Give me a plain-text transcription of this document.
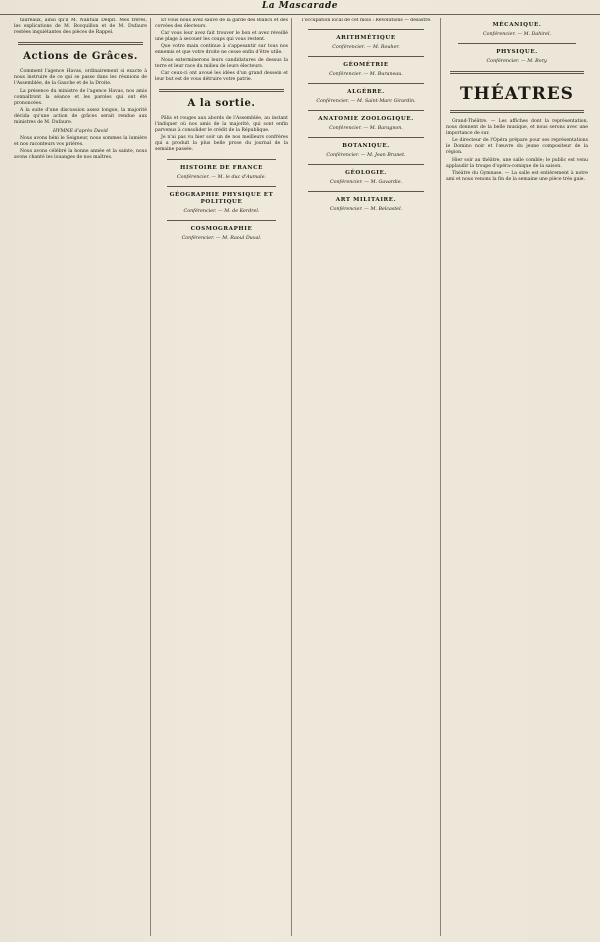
La Mascarade

taureaux, ainsi qu'il M. Nantual Delpit. Mes frères, les explications de M. Bocquillon et de M. Dufaure restées inquiétantes des pièces de Rappel.

Actions de Grâces.

Comment l'agence Havas, ordinairement si exacte à nous instruire de ce qui se passe dans les réunions de l'Assemblée, de la Gauche et de la Droite.

La présence du ministre de l'agence Havas, nos amis connaîtront la séance et les paroles qui ont été prononcées.

A la suite d'une discussion assez longue, la majorité décida qu'une action de grâces serait rendue aux ministres de M. Dufaure.

HYMNE d'après David

Nous avons béni le Seigneur, nous sommes la lumière et nos raconteurs vos prières.

Nous avons célébré la bonne année et la sainte, nous avons chanté les louanges de nos maîtres.

Et vous nous avez sauvé de la garde des Blancs et des corvées des électeurs.

Car vous leur avez fait trouver le bon et avez réveillé une plage à secouer les coups qui vous restent.

Que votre main continue à s'appesantir sur tous nos ennemis et que votre droite ne cesse enfin d'être utile.

Nous exterminerons leurs candidatures de dessus la terre et leur race du milieu de leurs électeurs.

Car ceux-ci ont avoué les idées d'un grand dessein et leur but est de vous détruire votre patrie.

A la sortie.

Pâlis et rouges aux abords de l'Assemblée, au instant l'indiquer où nos amis de la majorité, qui sont enfin parvenus à consolider le crédit de la République.

Je n'ai pas vu hier soir un de nos meilleurs confrères qui a produit la plus belle prose du journal de la semaine passée.

HISTOIRE DE FRANCE
Conférencier. — M. le duc d'Aumale.
GÉOGRAPHIE PHYSIQUE ET POLITIQUE
Conférencier. — M. de Kerdrel.
COSMOGRAPHIE
Conférencier. — M. Raoul Duval.

l'occupation local de cet mois : Révolutions — désastre.

ARITHMÉTIQUE
Conférencier. — M. Rouher.
GÉOMÉTRIE
Conférencier. — M. Buraneau.
ALGÈBRE.
Conférencier. — M. Saint-Marc Girardin.
ANATOMIE ZOOLOGIQUE.
Conférencier. — M. Baragnon.
BOTANIQUE.
Conférencier. — M. Jean Brunet.
GÉOLOGIE.
Conférencier. — M. Gavardie.
ART MILITAIRE.
Conférencier. — M. Belcastel.
MÉCANIQUE.
Conférencier. — M. Dahirel.
PHYSIQUE.
Conférencier. — M. Bory.
THÉATRES

Grand-Théâtre. — Les affiches dont la représentation, nous donnent de la belle musique, et nous serons avec une importance de sur.

Le directeur de l'Opéra prépare pour ses représentations le Domino noir et l'œuvre du jeune compositeur de la région.

Hier soir au théâtre, une salle comble; le public est venu applaudir la troupe d'opéra-comique de la saison.

Théâtre du Gymnase. — La salle est entièrement à notre ami et nous venons la fin de la semaine une pièce très gaie.
